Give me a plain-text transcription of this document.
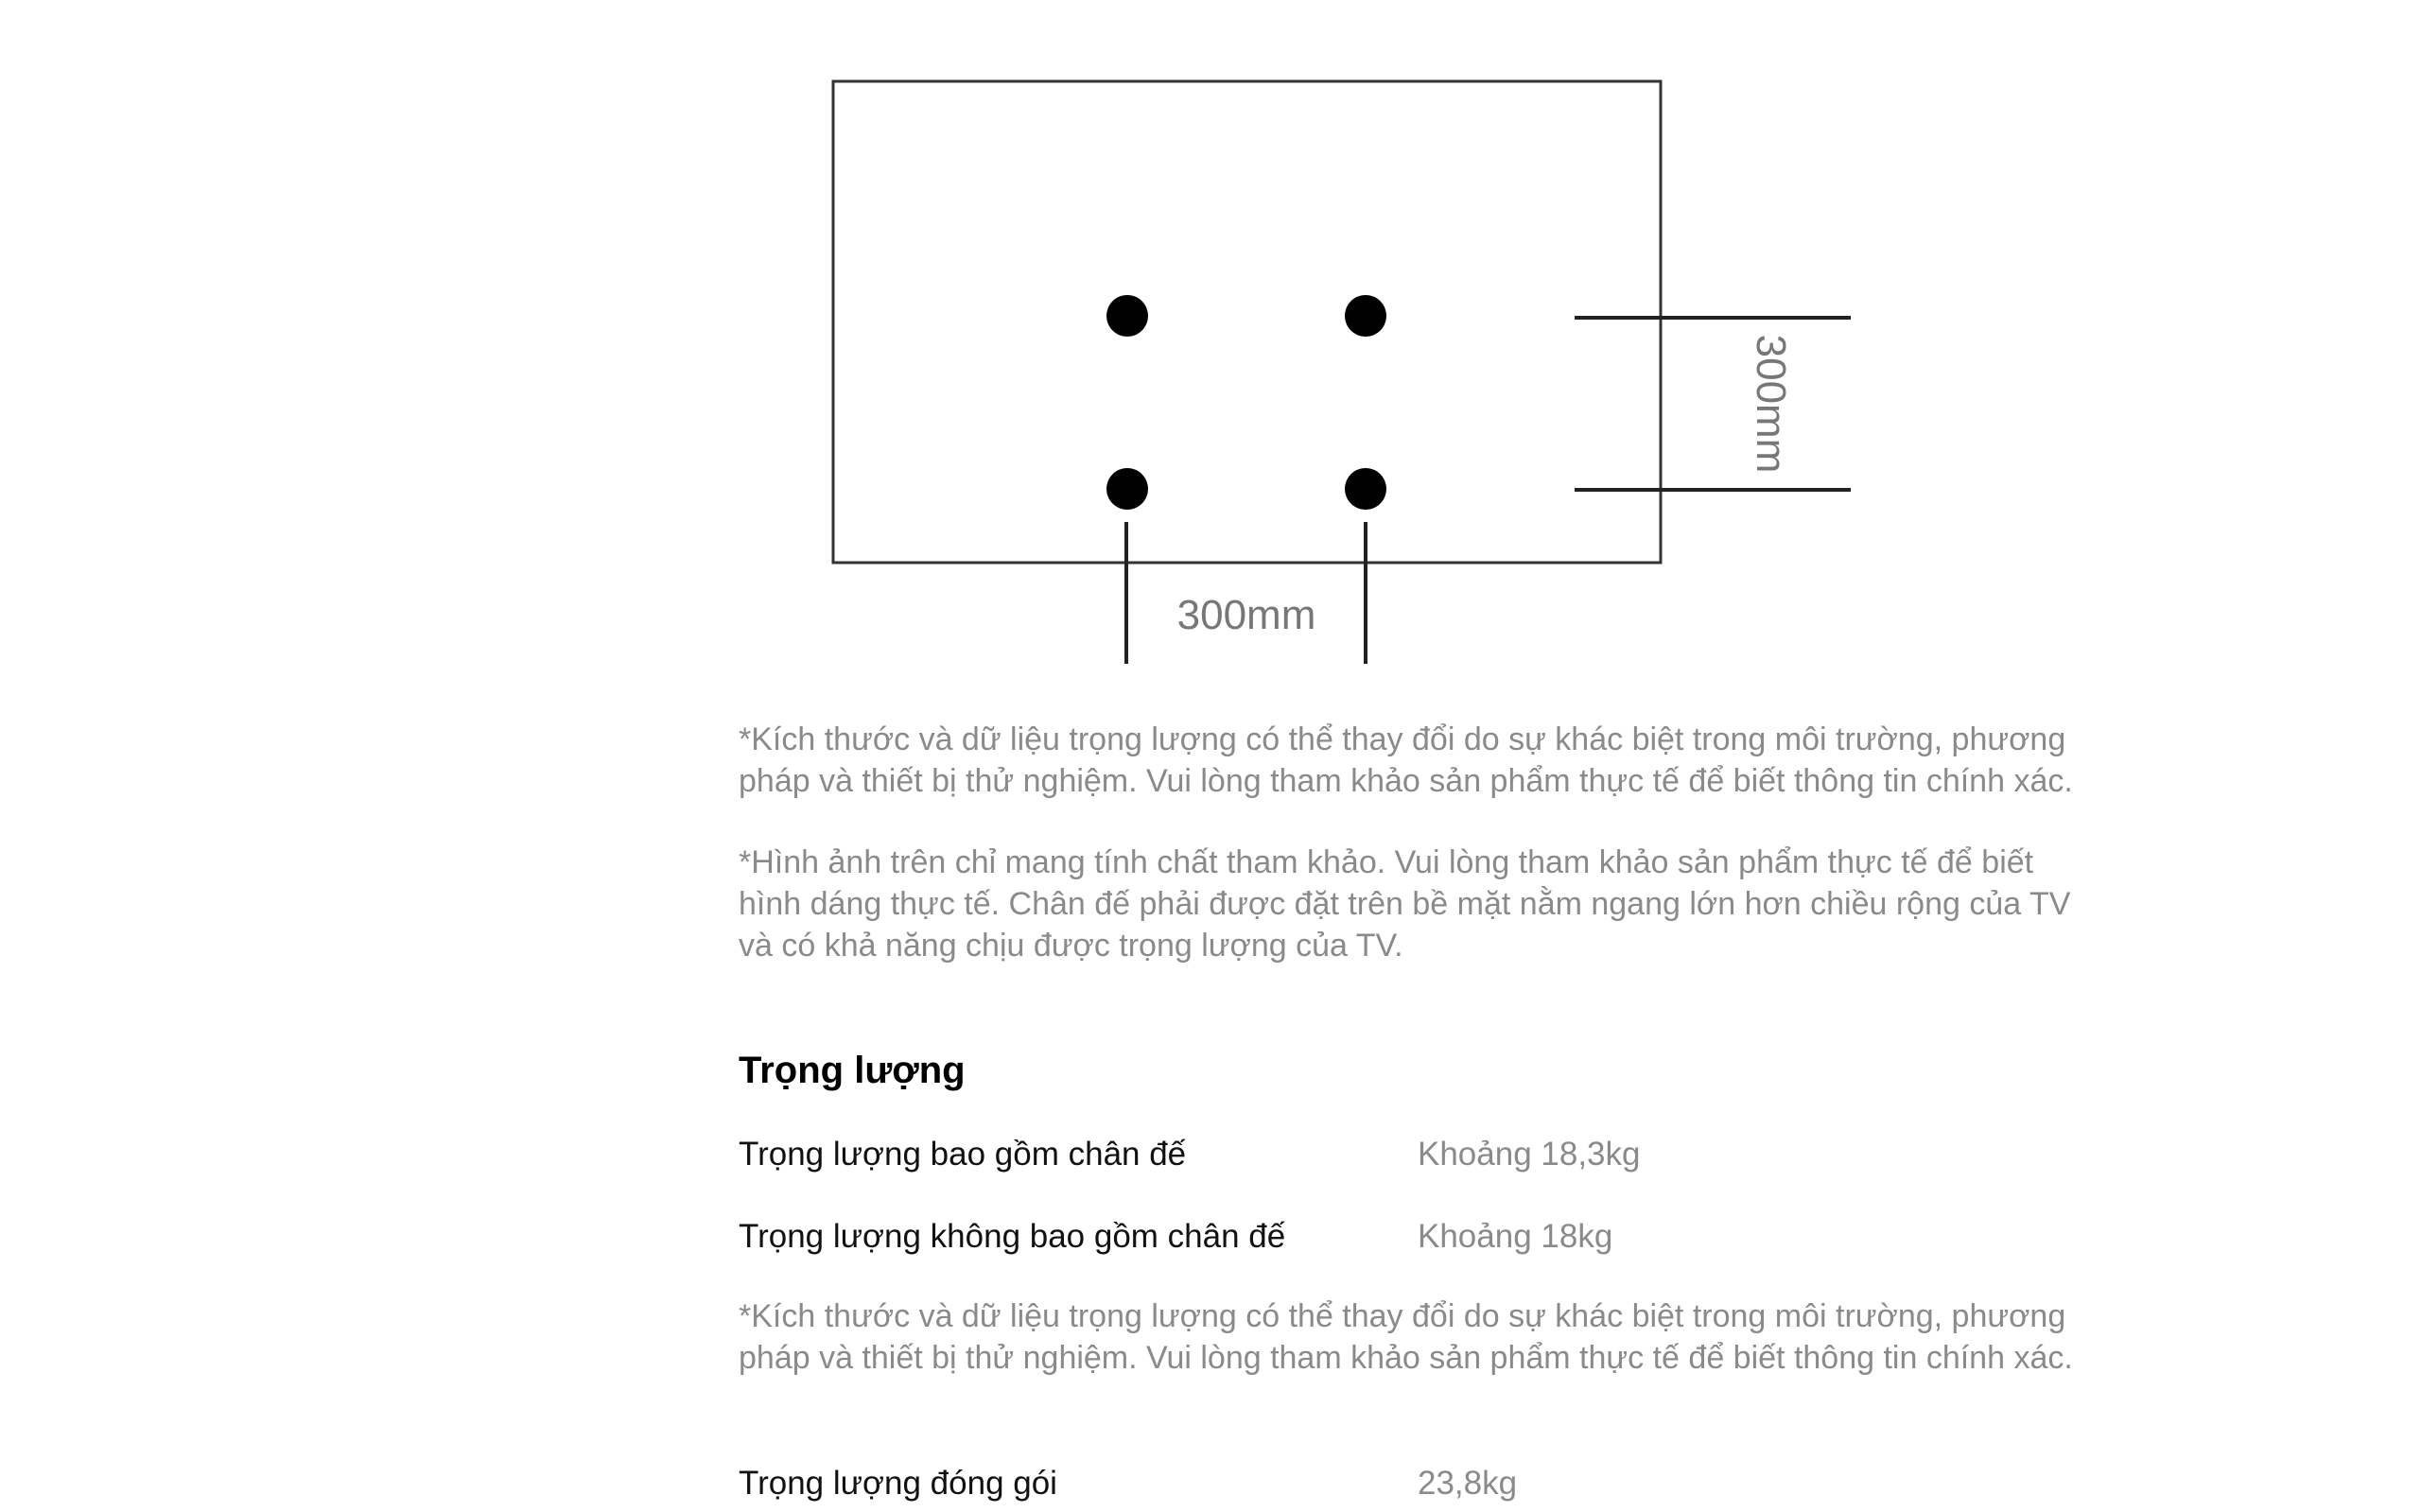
300mm
300mm

*Kích thước và dữ liệu trọng lượng có thể thay đổi do sự khác biệt trong môi trường, phương pháp và thiết bị thử nghiệm. Vui lòng tham khảo sản phẩm thực tế để biết thông tin chính xác.

*Hình ảnh trên chỉ mang tính chất tham khảo. Vui lòng tham khảo sản phẩm thực tế để biết hình dáng thực tế. Chân đế phải được đặt trên bề mặt nằm ngang lớn hơn chiều rộng của TV và có khả năng chịu được trọng lượng của TV.

Trọng lượng
Trọng lượng bao gồm chân đế	Khoảng 18,3kg
Trọng lượng không bao gồm chân đế	Khoảng 18kg

*Kích thước và dữ liệu trọng lượng có thể thay đổi do sự khác biệt trong môi trường, phương pháp và thiết bị thử nghiệm. Vui lòng tham khảo sản phẩm thực tế để biết thông tin chính xác.

Trọng lượng đóng gói	23,8kg
